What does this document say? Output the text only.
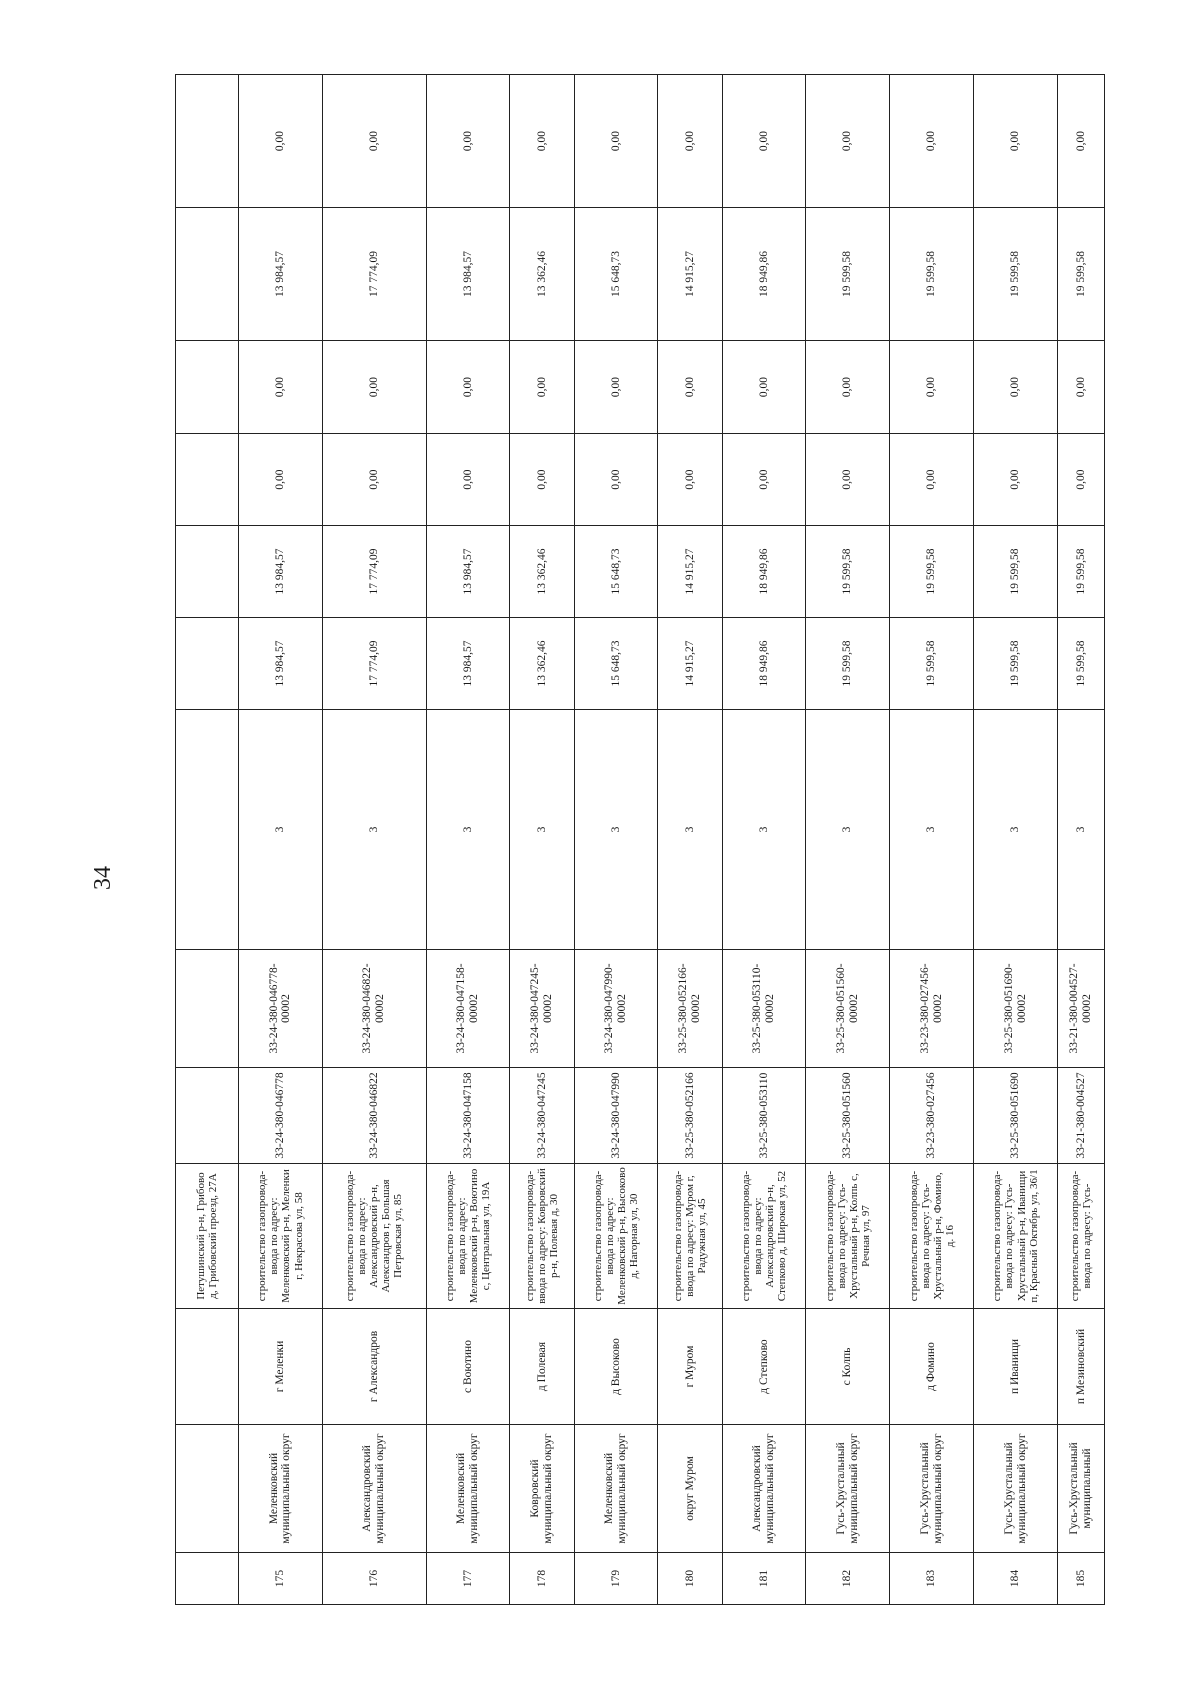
34
			Петушинский р-н, Грибово д, Грибовский проезд, 27А									
175	Меленковский муниципальный округ	г Меленки	строительство газопровода-ввода по адресу: Меленковский р-н, Меленки г, Некрасова ул, 58	33-24-380-046778	33-24-380-046778-00002	3	13 984,57	13 984,57	0,00	0,00	13 984,57	0,00
176	Александровский муниципальный округ	г Александров	строительство газопровода-ввода по адресу: Александровский р-н, Александров г, Большая Петровская ул, 85	33-24-380-046822	33-24-380-046822-00002	3	17 774,09	17 774,09	0,00	0,00	17 774,09	0,00
177	Меленковский муниципальный округ	с Воютино	строительство газопровода-ввода по адресу: Меленковский р-н, Воютино с, Центральная ул, 19А	33-24-380-047158	33-24-380-047158-00002	3	13 984,57	13 984,57	0,00	0,00	13 984,57	0,00
178	Ковровский муниципальный округ	д Полевая	строительство газопровода-ввода по адресу: Ковровский р-н, Полевая д, 30	33-24-380-047245	33-24-380-047245-00002	3	13 362,46	13 362,46	0,00	0,00	13 362,46	0,00
179	Меленковский муниципальный округ	д Высоково	строительство газопровода-ввода по адресу: Меленковский р-н, Высоково д, Нагорная ул, 30	33-24-380-047990	33-24-380-047990-00002	3	15 648,73	15 648,73	0,00	0,00	15 648,73	0,00
180	округ Муром	г Муром	строительство газопровода-ввода по адресу: Муром г, Радужная ул, 45	33-25-380-052166	33-25-380-052166-00002	3	14 915,27	14 915,27	0,00	0,00	14 915,27	0,00
181	Александровский муниципальный округ	д Степково	строительство газопровода-ввода по адресу: Александровский р-н, Степково д, Широкая ул, 52	33-25-380-053110	33-25-380-053110-00002	3	18 949,86	18 949,86	0,00	0,00	18 949,86	0,00
182	Гусь-Хрустальный муниципальный округ	с Колпь	строительство газопровода-ввода по адресу: Гусь-Хрустальный р-н, Колпь с, Речная ул, 97	33-25-380-051560	33-25-380-051560-00002	3	19 599,58	19 599,58	0,00	0,00	19 599,58	0,00
183	Гусь-Хрустальный муниципальный округ	д Фомино	строительство газопровода-ввода по адресу: Гусь-Хрустальный р-н, Фомино, д. 16	33-23-380-027456	33-23-380-027456-00002	3	19 599,58	19 599,58	0,00	0,00	19 599,58	0,00
184	Гусь-Хрустальный муниципальный округ	п Иванищи	строительство газопровода-ввода по адресу: Гусь-Хрустальный р-н, Иванищи п, Красный Октябрь ул, 36/1	33-25-380-051690	33-25-380-051690-00002	3	19 599,58	19 599,58	0,00	0,00	19 599,58	0,00
185	Гусь-Хрустальный муниципальный	п Мезиновский	строительство газопровода-ввода по адресу: Гусь-	33-21-380-004527	33-21-380-004527-00002	3	19 599,58	19 599,58	0,00	0,00	19 599,58	0,00
